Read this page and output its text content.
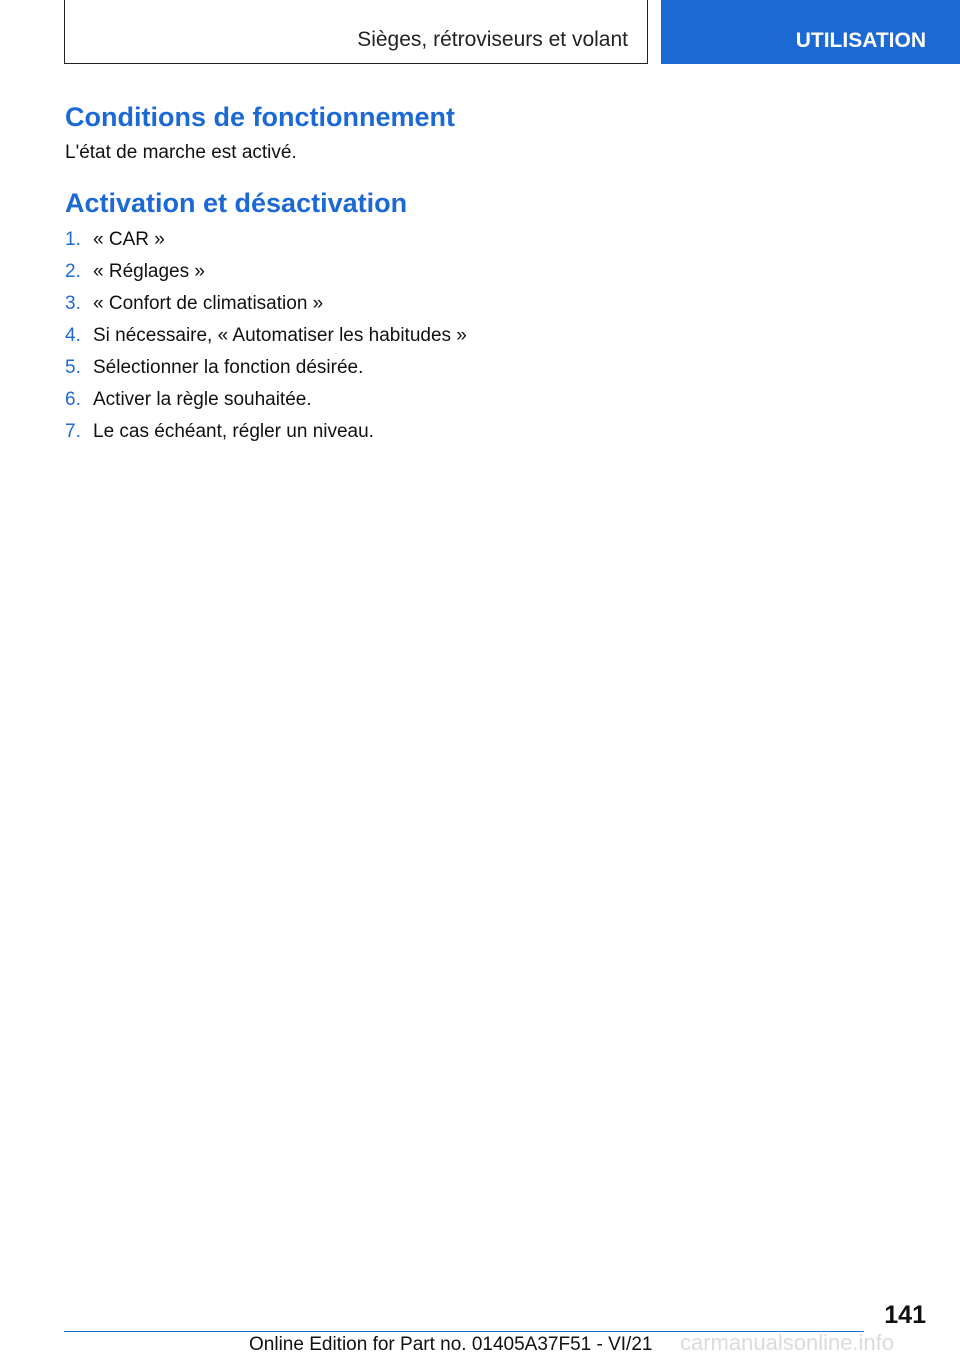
Sièges, rétroviseurs et volant	UTILISATION
Conditions de fonctionnement
L'état de marche est activé.
Activation et désactivation
1. « CAR »
2. « Réglages »
3. « Confort de climatisation »
4. Si nécessaire, « Automatiser les habitudes »
5. Sélectionner la fonction désirée.
6. Activer la règle souhaitée.
7. Le cas échéant, régler un niveau.
141
Online Edition for Part no. 01405A37F51 - VI/21 carmanualsonline.info
